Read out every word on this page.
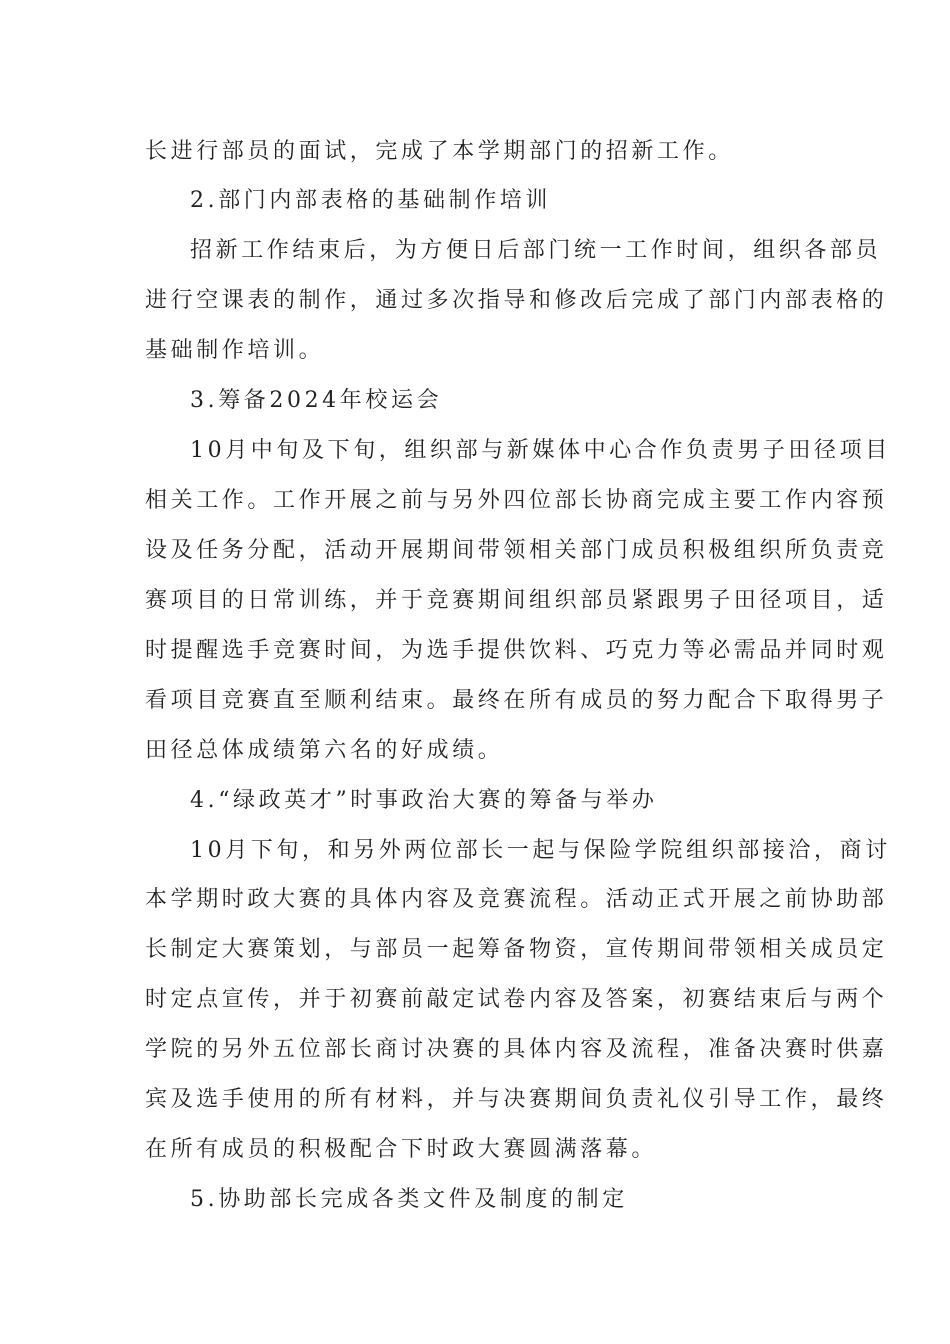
长进行部员的面试，完成了本学期部门的招新工作。
2.部门内部表格的基础制作培训
招新工作结束后，为方便日后部门统一工作时间，组织各部员
进行空课表的制作，通过多次指导和修改后完成了部门内部表格的
基础制作培训。
3.筹备2024年校运会
10月中旬及下旬，组织部与新媒体中心合作负责男子田径项目
相关工作。工作开展之前与另外四位部长协商完成主要工作内容预
设及任务分配，活动开展期间带领相关部门成员积极组织所负责竞
赛项目的日常训练，并于竞赛期间组织部员紧跟男子田径项目，适
时提醒选手竞赛时间，为选手提供饮料、巧克力等必需品并同时观
看项目竞赛直至顺利结束。最终在所有成员的努力配合下取得男子
田径总体成绩第六名的好成绩。
4.“绿政英才”时事政治大赛的筹备与举办
10月下旬，和另外两位部长一起与保险学院组织部接洽，商讨
本学期时政大赛的具体内容及竞赛流程。活动正式开展之前协助部
长制定大赛策划，与部员一起筹备物资，宣传期间带领相关成员定
时定点宣传，并于初赛前敲定试卷内容及答案，初赛结束后与两个
学院的另外五位部长商讨决赛的具体内容及流程，准备决赛时供嘉
宾及选手使用的所有材料，并与决赛期间负责礼仪引导工作，最终
在所有成员的积极配合下时政大赛圆满落幕。
5.协助部长完成各类文件及制度的制定
